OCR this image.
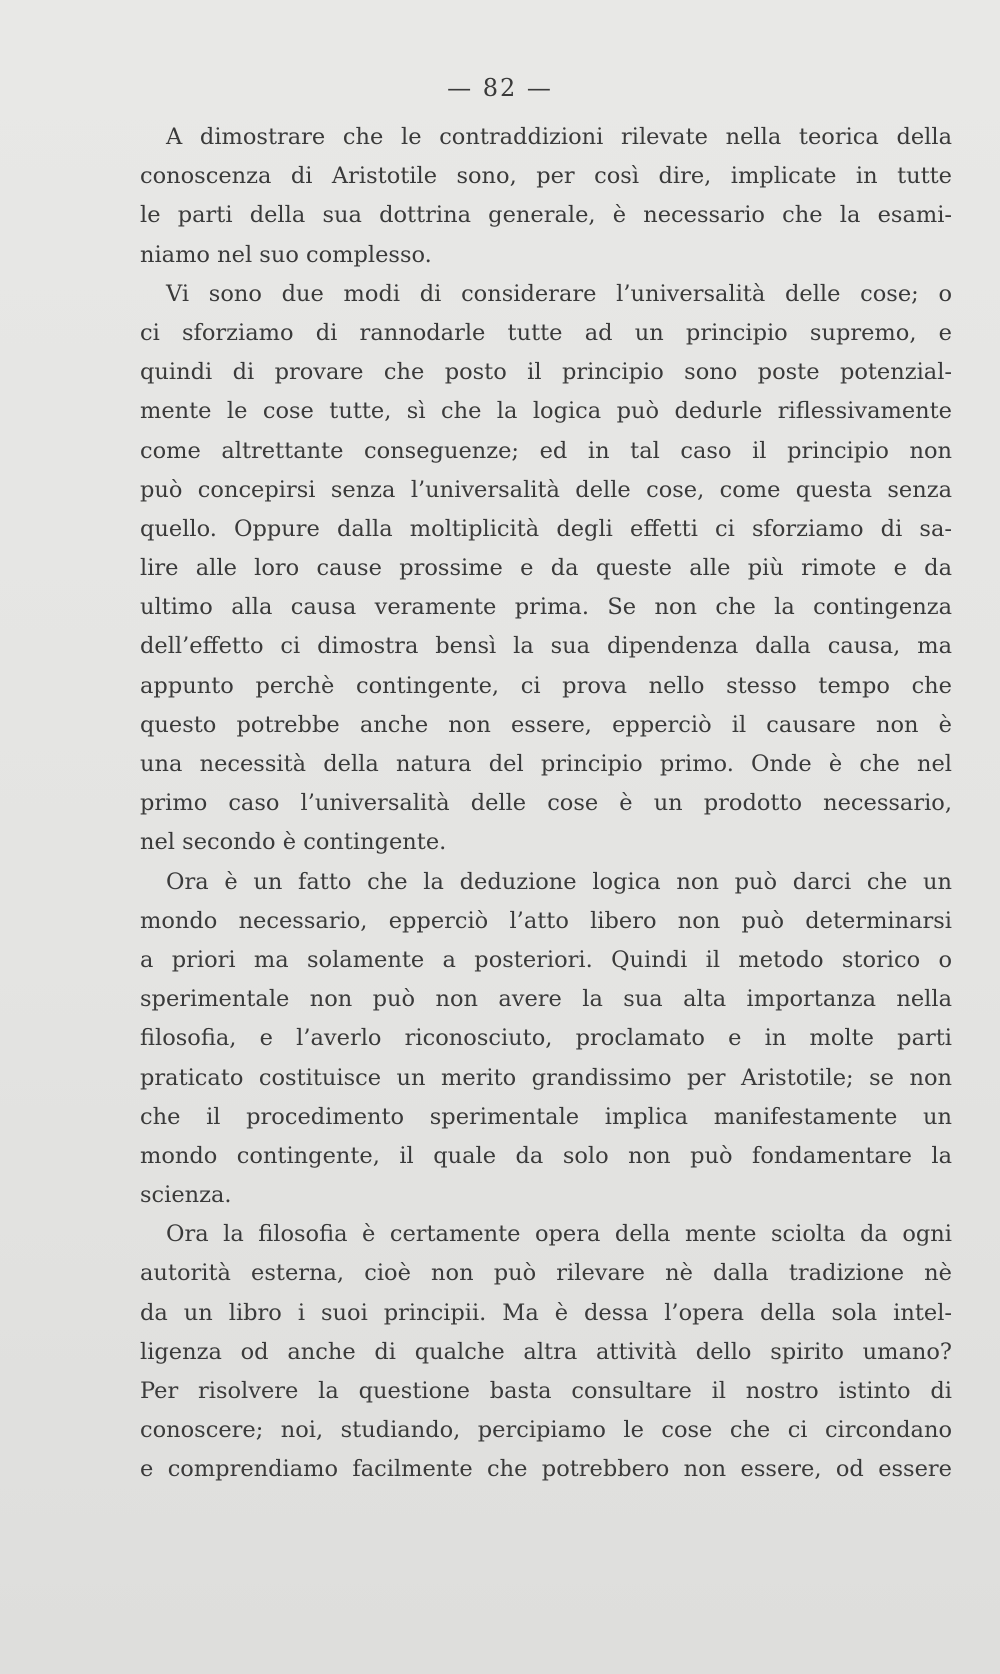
— 82 —
A dimostrare che le contraddizioni rilevate nella teorica della
conoscenza di Aristotile sono, per così dire, implicate in tutte
le parti della sua dottrina generale, è necessario che la esami-
niamo nel suo complesso.
Vi sono due modi di considerare l’universalità delle cose; o
ci sforziamo di rannodarle tutte ad un principio supremo, e
quindi di provare che posto il principio sono poste potenzial-
mente le cose tutte, sì che la logica può dedurle riflessivamente
come altrettante conseguenze; ed in tal caso il principio non
può concepirsi senza l’universalità delle cose, come questa senza
quello. Oppure dalla moltiplicità degli effetti ci sforziamo di sa-
lire alle loro cause prossime e da queste alle più rimote e da
ultimo alla causa veramente prima. Se non che la contingenza
dell’effetto ci dimostra bensì la sua dipendenza dalla causa, ma
appunto perchè contingente, ci prova nello stesso tempo che
questo potrebbe anche non essere, epperciò il causare non è
una necessità della natura del principio primo. Onde è che nel
primo caso l’universalità delle cose è un prodotto necessario,
nel secondo è contingente.
Ora è un fatto che la deduzione logica non può darci che un
mondo necessario, epperciò l’atto libero non può determinarsi
a priori ma solamente a posteriori. Quindi il metodo storico o
sperimentale non può non avere la sua alta importanza nella
filosofia, e l’averlo riconosciuto, proclamato e in molte parti
praticato costituisce un merito grandissimo per Aristotile; se non
che il procedimento sperimentale implica manifestamente un
mondo contingente, il quale da solo non può fondamentare la
scienza.
Ora la filosofia è certamente opera della mente sciolta da ogni
autorità esterna, cioè non può rilevare nè dalla tradizione nè
da un libro i suoi principii. Ma è dessa l’opera della sola intel-
ligenza od anche di qualche altra attività dello spirito umano?
Per risolvere la questione basta consultare il nostro istinto di
conoscere; noi, studiando, percipiamo le cose che ci circondano
e comprendiamo facilmente che potrebbero non essere, od essere
